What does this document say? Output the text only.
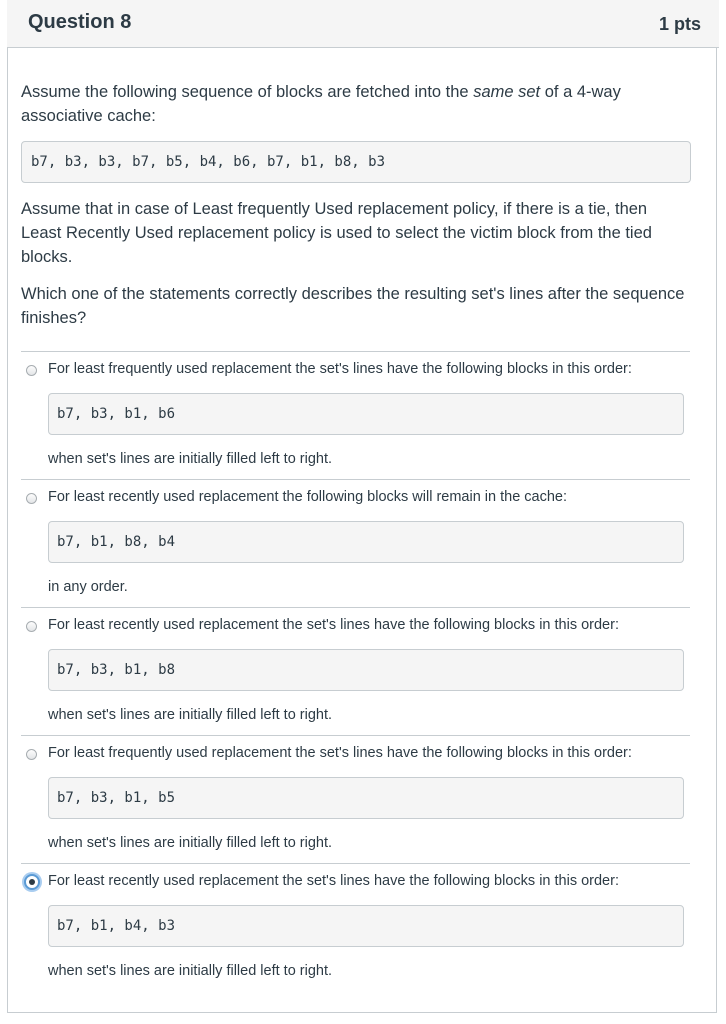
Question 8	1 pts

Assume the following sequence of blocks are fetched into the same set of a 4-way associative cache:

b7, b3, b3, b7, b5, b4, b6, b7, b1, b8, b3

Assume that in case of Least frequently Used replacement policy, if there is a tie, then Least Recently Used replacement policy is used to select the victim block from the tied blocks.

Which one of the statements correctly describes the resulting set's lines after the sequence finishes?

For least frequently used replacement the set's lines have the following blocks in this order:
b7, b3, b1, b6
when set's lines are initially filled left to right.
For least recently used replacement the following blocks will remain in the cache:
b7, b1, b8, b4
in any order.
For least recently used replacement the set's lines have the following blocks in this order:
b7, b3, b1, b8
when set's lines are initially filled left to right.
For least frequently used replacement the set's lines have the following blocks in this order:
b7, b3, b1, b5
when set's lines are initially filled left to right.
For least recently used replacement the set's lines have the following blocks in this order:
b7, b1, b4, b3
when set's lines are initially filled left to right.
